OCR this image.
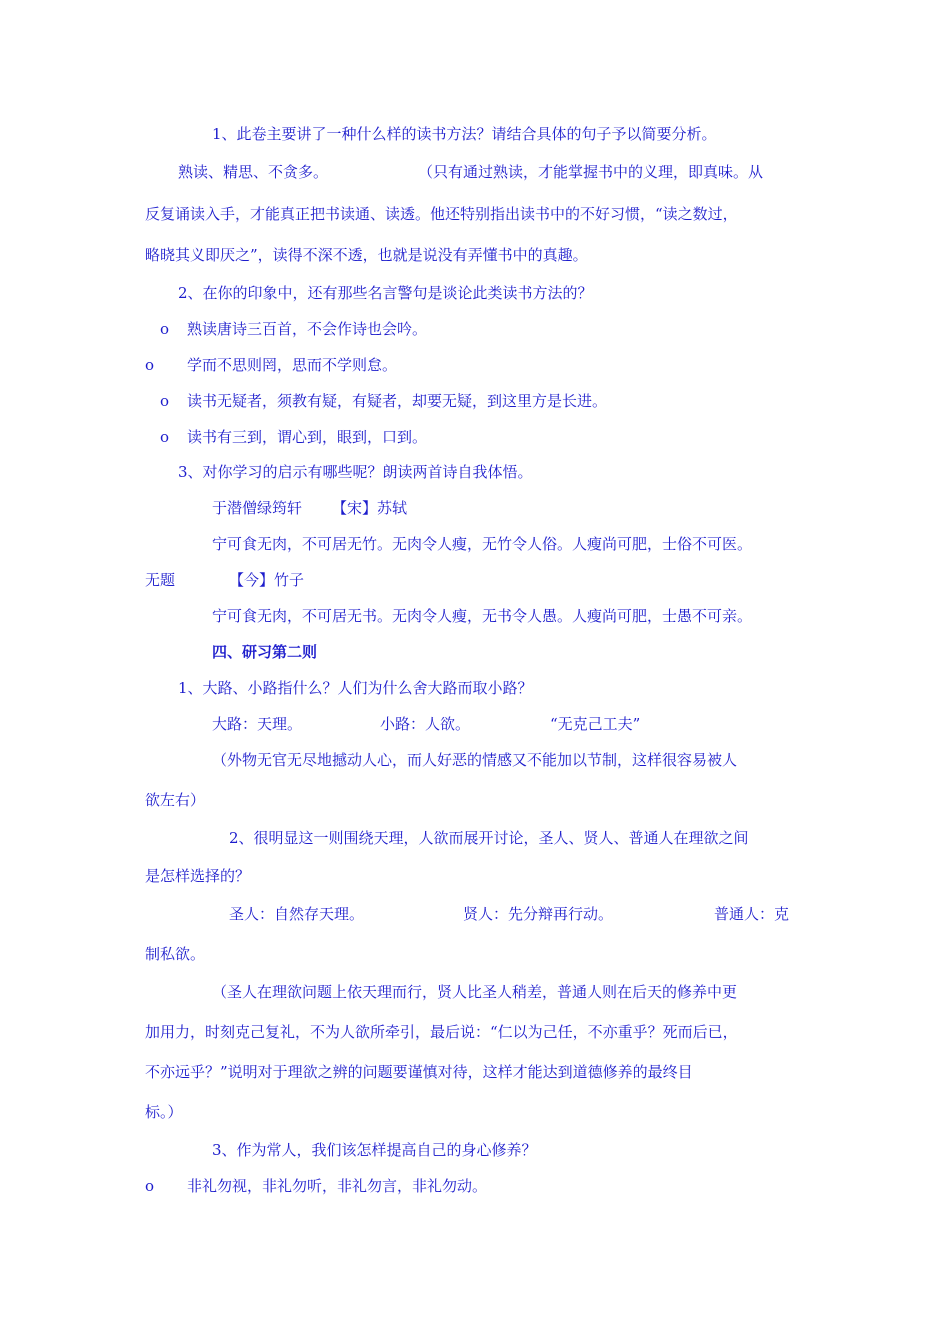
1、此卷主要讲了一种什么样的读书方法？请结合具体的句子予以简要分析。
熟读、精思、不贪多。	（只有通过熟读，才能掌握书中的义理，即真味。从
反复诵读入手，才能真正把书读通、读透。他还特别指出读书中的不好习惯，“读之数过，
略晓其义即厌之”，读得不深不透，也就是说没有弄懂书中的真趣。
2、在你的印象中，还有那些名言警句是谈论此类读书方法的？
o 熟读唐诗三百首，不会作诗也会吟。
o 学而不思则罔，思而不学则怠。
o 读书无疑者，须教有疑，有疑者，却要无疑，到这里方是长进。
o 读书有三到，谓心到，眼到，口到。
3、对你学习的启示有哪些呢？朗读两首诗自我体悟。
于潜僧绿筠轩 【宋】苏轼
宁可食无肉，不可居无竹。无肉令人瘦，无竹令人俗。人瘦尚可肥，士俗不可医。
无题	【今】竹子
宁可食无肉，不可居无书。无肉令人瘦，无书令人愚。人瘦尚可肥，士愚不可亲。
四、研习第二则
1、大路、小路指什么？人们为什么舍大路而取小路？
大路：天理。	小路：人欲。	“无克己工夫”
（外物无官无尽地撼动人心，而人好恶的情感又不能加以节制，这样很容易被人
欲左右）
2、很明显这一则围绕天理，人欲而展开讨论，圣人、贤人、普通人在理欲之间
是怎样选择的？
圣人：自然存天理。	贤人：先分辩再行动。	普通人：克
制私欲。
（圣人在理欲问题上依天理而行，贤人比圣人稍差，普通人则在后天的修养中更
加用力，时刻克己复礼，不为人欲所牵引，最后说：“仁以为己任，不亦重乎？死而后已，
不亦远乎？”说明对于理欲之辨的问题要谨慎对待，这样才能达到道德修养的最终目
标。）
3、作为常人，我们该怎样提高自己的身心修养？
o 非礼勿视，非礼勿听，非礼勿言，非礼勿动。
